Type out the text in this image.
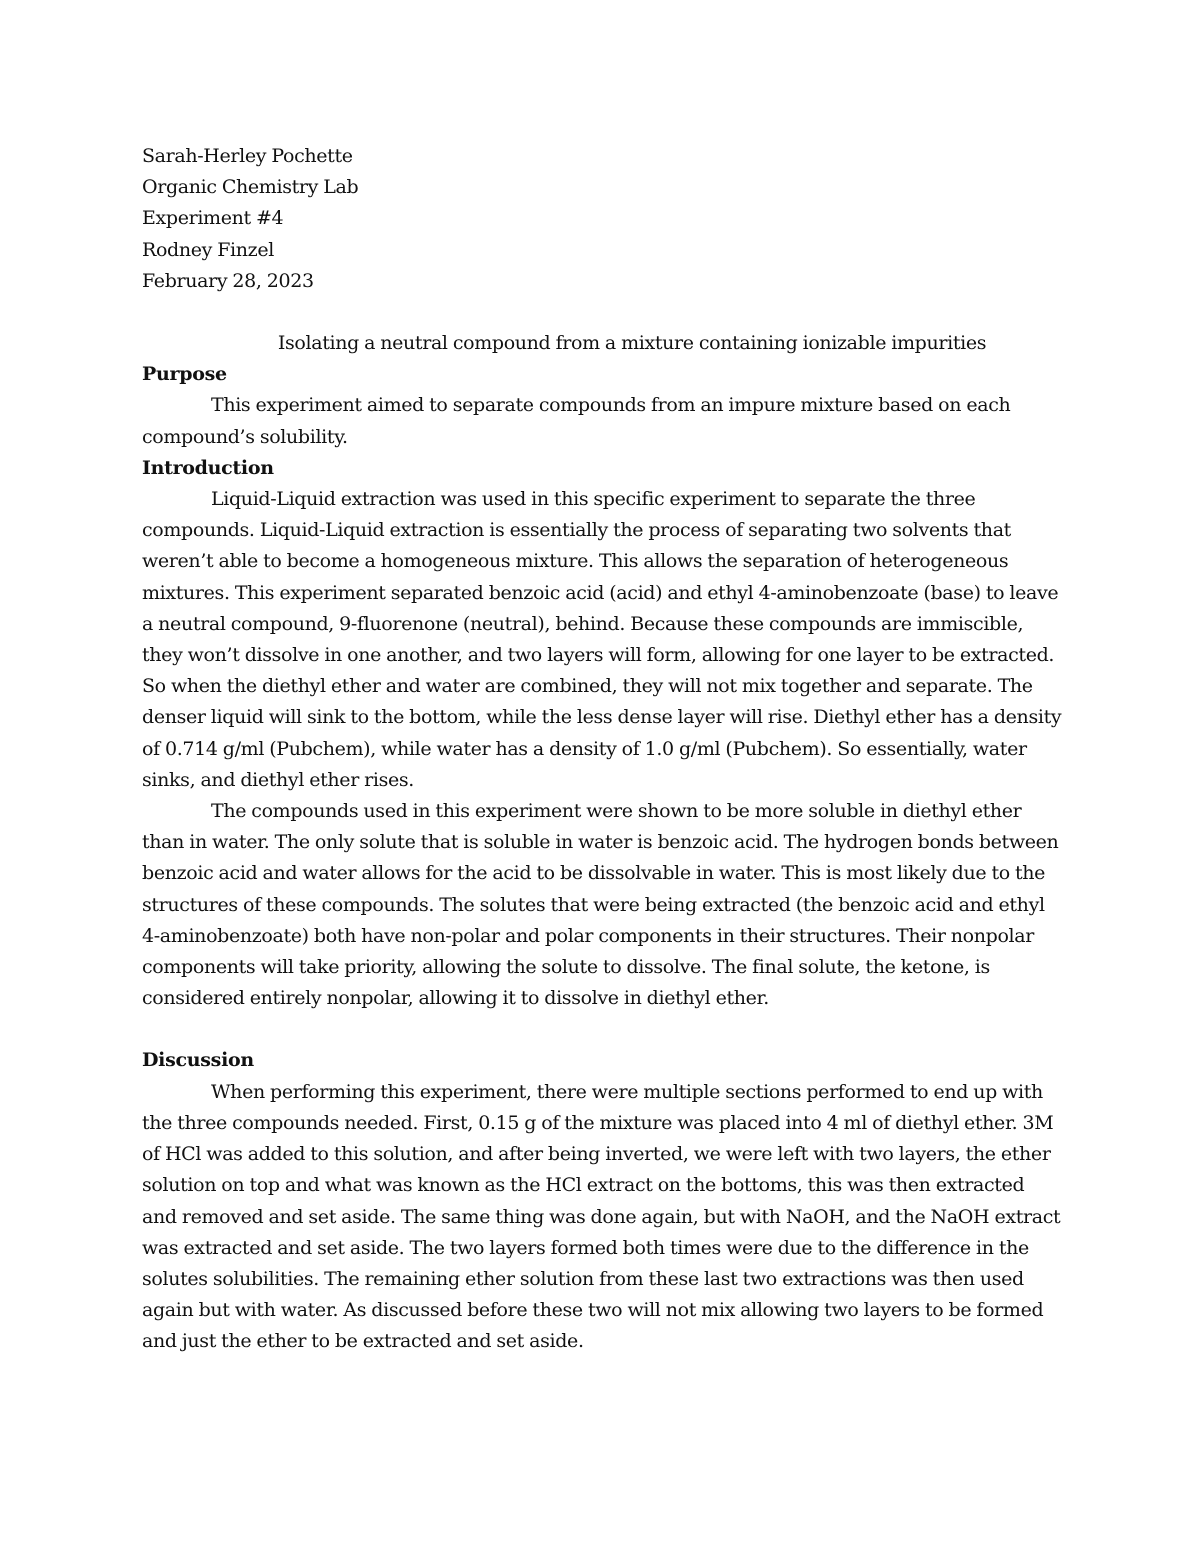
Sarah-Herley Pochette
Organic Chemistry Lab
Experiment #4
Rodney Finzel
February 28, 2023
Isolating a neutral compound from a mixture containing ionizable impurities
Purpose

This experiment aimed to separate compounds from an impure mixture based on each compound’s solubility.

Introduction

Liquid-Liquid extraction was used in this specific experiment to separate the three compounds. Liquid-Liquid extraction is essentially the process of separating two solvents that weren’t able to become a homogeneous mixture. This allows the separation of heterogeneous mixtures. This experiment separated benzoic acid (acid) and ethyl 4-aminobenzoate (base) to leave a neutral compound, 9-fluorenone (neutral), behind. Because these compounds are immiscible, they won’t dissolve in one another, and two layers will form, allowing for one layer to be extracted. So when the diethyl ether and water are combined, they will not mix together and separate. The denser liquid will sink to the bottom, while the less dense layer will rise. Diethyl ether has a density of 0.714 g/ml (Pubchem), while water has a density of 1.0 g/ml (Pubchem). So essentially, water sinks, and diethyl ether rises.

The compounds used in this experiment were shown to be more soluble in diethyl ether than in water. The only solute that is soluble in water is benzoic acid. The hydrogen bonds between benzoic acid and water allows for the acid to be dissolvable in water. This is most likely due to the structures of these compounds. The solutes that were being extracted (the benzoic acid and ethyl 4-aminobenzoate) both have non-polar and polar components in their structures. Their nonpolar components will take priority, allowing the solute to dissolve. The final solute, the ketone, is considered entirely nonpolar, allowing it to dissolve in diethyl ether.

Discussion

When performing this experiment, there were multiple sections performed to end up with the three compounds needed. First, 0.15 g of the mixture was placed into 4 ml of diethyl ether. 3M of HCl was added to this solution, and after being inverted, we were left with two layers, the ether solution on top and what was known as the HCl extract on the bottoms, this was then extracted and removed and set aside. The same thing was done again, but with NaOH, and the NaOH extract was extracted and set aside. The two layers formed both times were due to the difference in the solutes solubilities. The remaining ether solution from these last two extractions was then used again but with water. As discussed before these two will not mix allowing two layers to be formed and just the ether to be extracted and set aside.
